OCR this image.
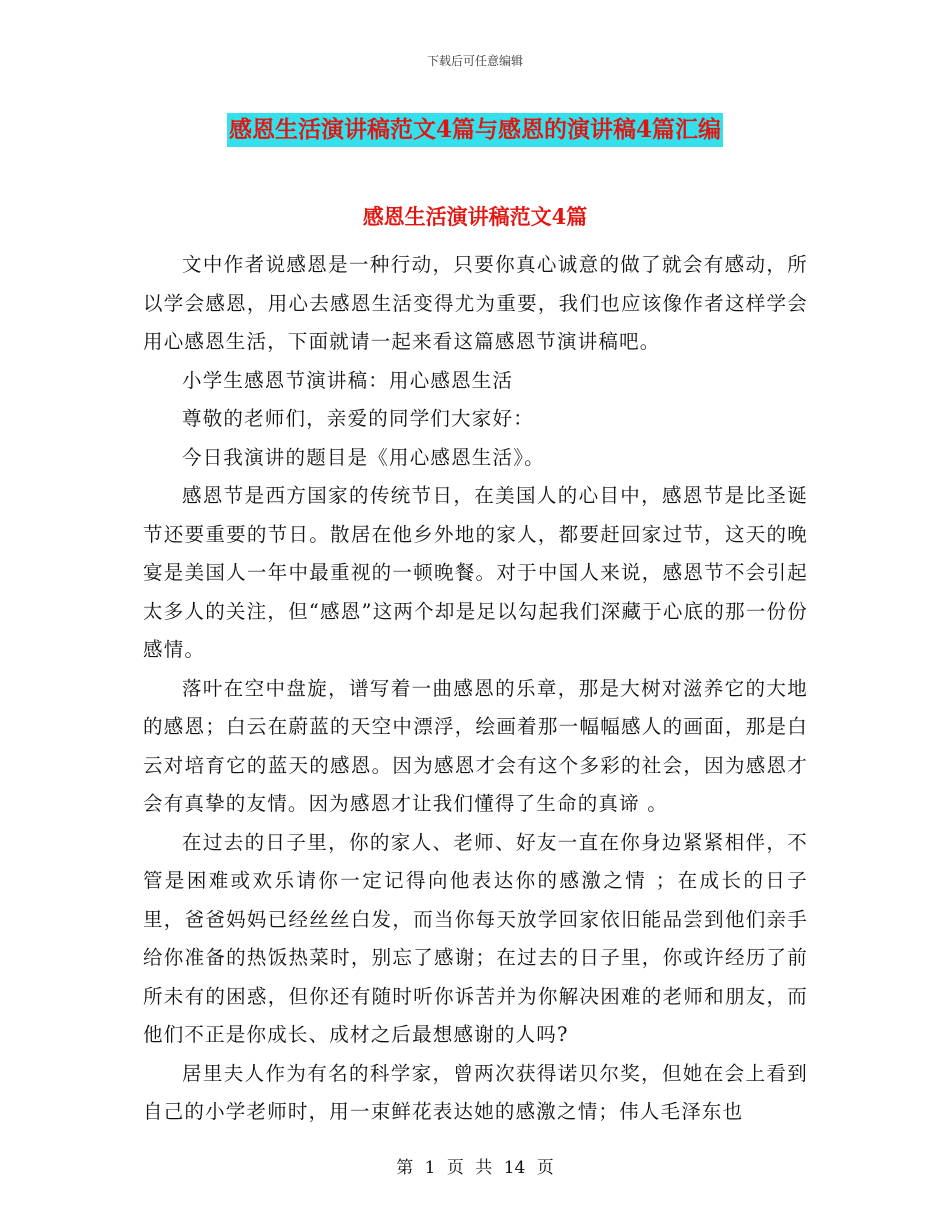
下载后可任意编辑
感恩生活演讲稿范文4篇与感恩的演讲稿4篇汇编
感恩生活演讲稿范文4篇

文中作者说感恩是一种行动，只要你真心诚意的做了就会有感动，所以学会感恩，用心去感恩生活变得尤为重要，我们也应该像作者这样学会用心感恩生活，下面就请一起来看这篇感恩节演讲稿吧。

小学生感恩节演讲稿：用心感恩生活

尊敬的老师们，亲爱的同学们大家好：

今日我演讲的题目是《用心感恩生活》。

感恩节是西方国家的传统节日，在美国人的心目中，感恩节是比圣诞节还要重要的节日。散居在他乡外地的家人，都要赶回家过节，这天的晚宴是美国人一年中最重视的一顿晚餐。对于中国人来说，感恩节不会引起太多人的关注，但“感恩”这两个却是足以勾起我们深藏于心底的那一份份感情。

落叶在空中盘旋，谱写着一曲感恩的乐章，那是大树对滋养它的大地的感恩；白云在蔚蓝的天空中漂浮，绘画着那一幅幅感人的画面，那是白云对培育它的蓝天的感恩。因为感恩才会有这个多彩的社会，因为感恩才会有真挚的友情。因为感恩才让我们懂得了生命的真谛 。

在过去的日子里，你的家人、老师、好友一直在你身边紧紧相伴，不管是困难或欢乐请你一定记得向他表达你的感激之情 ；在成长的日子里，爸爸妈妈已经丝丝白发，而当你每天放学回家依旧能品尝到他们亲手给你准备的热饭热菜时，别忘了感谢；在过去的日子里，你或许经历了前所未有的困惑，但你还有随时听你诉苦并为你解决困难的老师和朋友，而他们不正是你成长、成材之后最想感谢的人吗?

居里夫人作为有名的科学家，曾两次获得诺贝尔奖，但她在会上看到自己的小学老师时，用一束鲜花表达她的感激之情；伟人毛泽东也

第 1 页 共 14 页
